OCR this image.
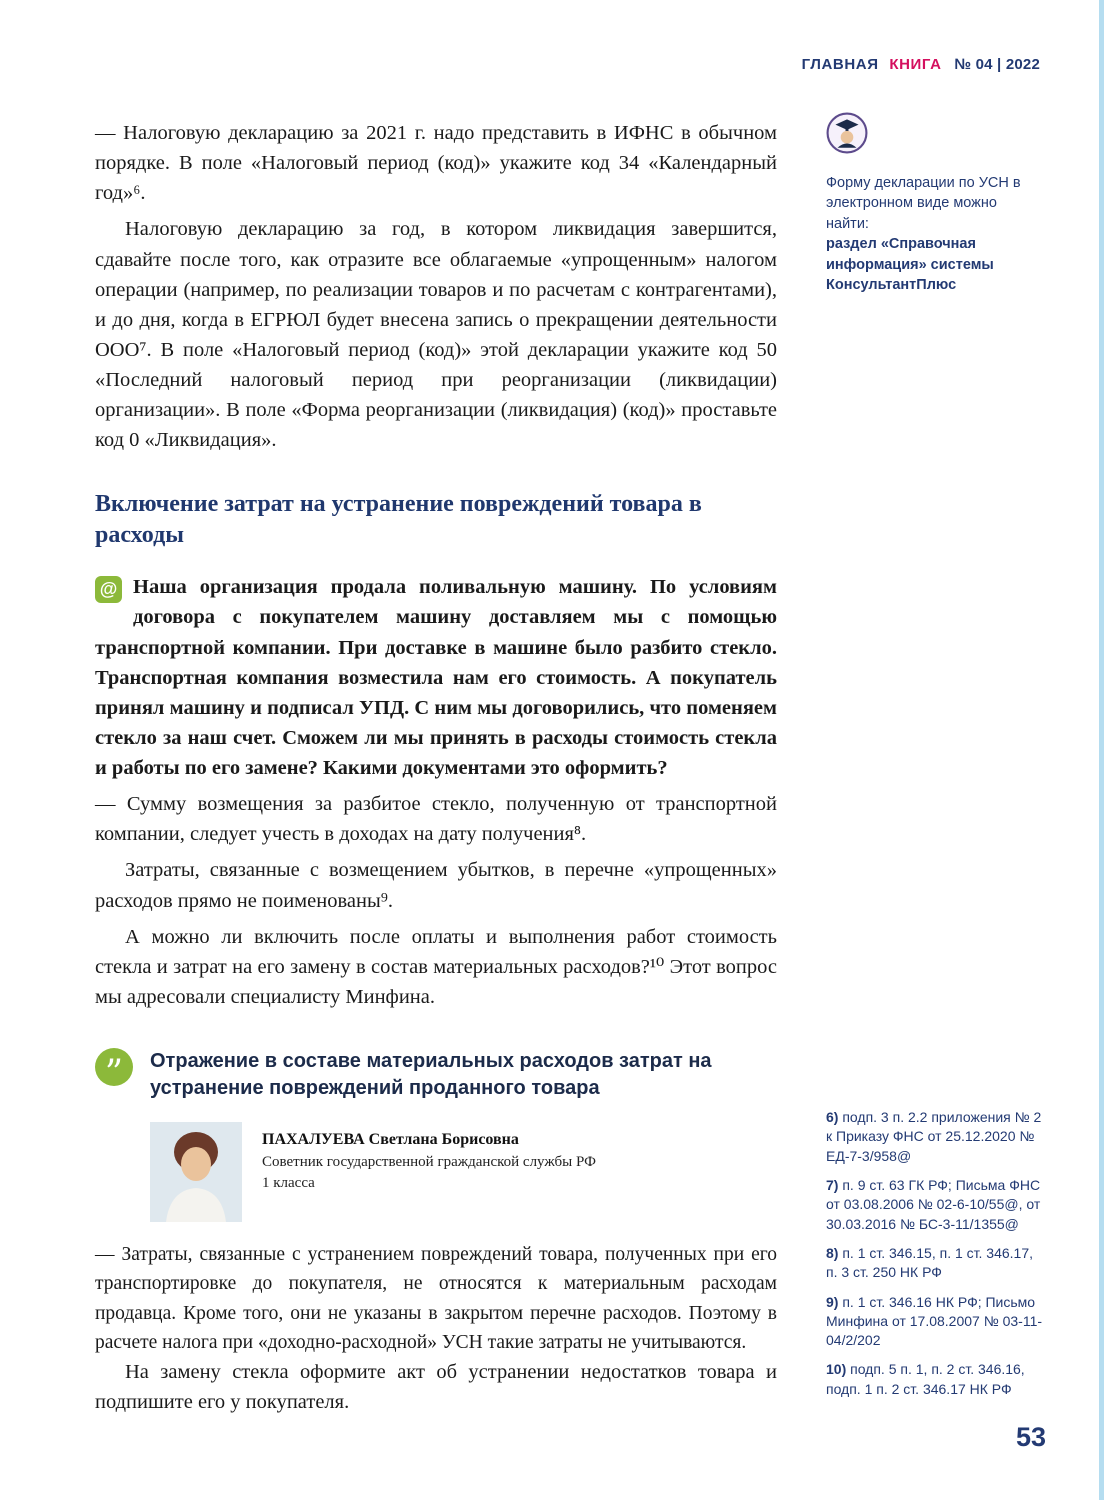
ГЛАВНАЯ КНИГА № 04 | 2022

— Налоговую декларацию за 2021 г. надо представить в ИФНС в обычном порядке. В поле «Налоговый период (код)» укажите код 34 «Календарный год»⁶.

Налоговую декларацию за год, в котором ликвидация завершится, сдавайте после того, как отразите все облагаемые «упрощенным» налогом операции (например, по реализации товаров и по расчетам с контрагентами), и до дня, когда в ЕГРЮЛ будет внесена запись о прекращении деятельности ООО⁷. В поле «Налоговый период (код)» этой декларации укажите код 50 «Последний налоговый период при реорганизации (ликвидации) организации». В поле «Форма реорганизации (ликвидация) (код)» проставьте код 0 «Ликвидация».

Включение затрат на устранение повреждений товара в расходы
@ Наша организация продала поливальную машину. По условиям договора с покупателем машину доставляем мы с помощью транспортной компании. При доставке в машине было разбито стекло. Транспортная компания возместила нам его стоимость. А покупатель принял машину и подписал УПД. С ним мы договорились, что поменяем стекло за наш счет. Сможем ли мы принять в расходы стоимость стекла и работы по его замене? Какими документами это оформить?

— Сумму возмещения за разбитое стекло, полученную от транспортной компании, следует учесть в доходах на дату получения⁸.

Затраты, связанные с возмещением убытков, в перечне «упрощенных» расходов прямо не поименованы⁹.

А можно ли включить после оплаты и выполнения работ стоимость стекла и затрат на его замену в состав материальных расходов?¹⁰ Этот вопрос мы адресовали специалисту Минфина.

”	Отражение в составе материальных расходов затрат на устранение повреждений проданного товара

ПАХАЛУЕВА Светлана Борисовна

Советник государственной гражданской службы РФ

1 класса

— Затраты, связанные с устранением повреждений товара, полученных при его транспортировке до покупателя, не относятся к материальным расходам продавца. Кроме того, они не указаны в закрытом перечне расходов. Поэтому в расчете налога при «доходно-расходной» УСН такие затраты не учитываются.

На замену стекла оформите акт об устранении недостатков товара и подпишите его у покупателя.

Форму декларации по УСН в электронном виде можно найти:
раздел «Справочная информация» системы КонсультантПлюс

6) подп. 3 п. 2.2 приложения № 2 к Приказу ФНС от 25.12.2020 № ЕД-7-3/958@

7) п. 9 ст. 63 ГК РФ; Письма ФНС от 03.08.2006 № 02-6-10/55@, от 30.03.2016 № БС-3-11/1355@

8) п. 1 ст. 346.15, п. 1 ст. 346.17, п. 3 ст. 250 НК РФ

9) п. 1 ст. 346.16 НК РФ; Письмо Минфина от 17.08.2007 № 03-11-04/2/202

10) подп. 5 п. 1, п. 2 ст. 346.16, подп. 1 п. 2 ст. 346.17 НК РФ

53
